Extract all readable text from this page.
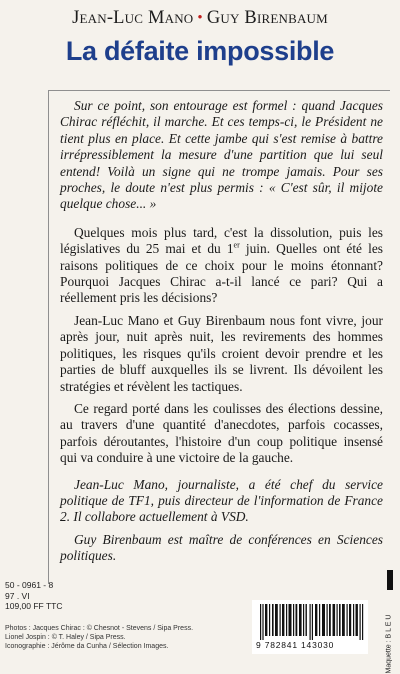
Jean-Luc Mano • Guy Birenbaum
La défaite impossible

Sur ce point, son entourage est formel : quand Jacques Chirac réfléchit, il marche. Et ces temps-ci, le Président ne tient plus en place. Et cette jambe qui s'est remise à battre irrépressiblement la mesure d'une partition que lui seul entend! Voilà un signe qui ne trompe jamais. Pour ses proches, le doute n'est plus permis : « C'est sûr, il mijote quelque chose... »

Quelques mois plus tard, c'est la dissolution, puis les législatives du 25 mai et du 1er juin. Quelles ont été les raisons politiques de ce choix pour le moins étonnant? Pourquoi Jacques Chirac a-t-il lancé ce pari? Qui a réellement pris les décisions?

Jean-Luc Mano et Guy Birenbaum nous font vivre, jour après jour, nuit après nuit, les revirements des hommes politiques, les risques qu'ils croient devoir prendre et les parties de bluff auxquelles ils se livrent. Ils dévoilent les stratégies et révèlent les tactiques.

Ce regard porté dans les coulisses des élections dessine, au travers d'une quantité d'anecdotes, parfois cocasses, parfois déroutantes, l'histoire d'un coup politique insensé qui va conduire à une victoire de la gauche.

Jean-Luc Mano, journaliste, a été chef du service politique de TF1, puis directeur de l'information de France 2. Il collabore actuellement à VSD.

Guy Birenbaum est maître de conférences en Sciences politiques.

50 - 0961 - 8
97 . VI
109,00 FF TTC
Photos : Jacques Chirac : © Chesnot - Stevens / Sipa Press.
Lionel Jospin : © T. Haley / Sipa Press.
Iconographie : Jérôme da Cunha / Sélection Images.	Maquette : B L E U
9 782841 143030
